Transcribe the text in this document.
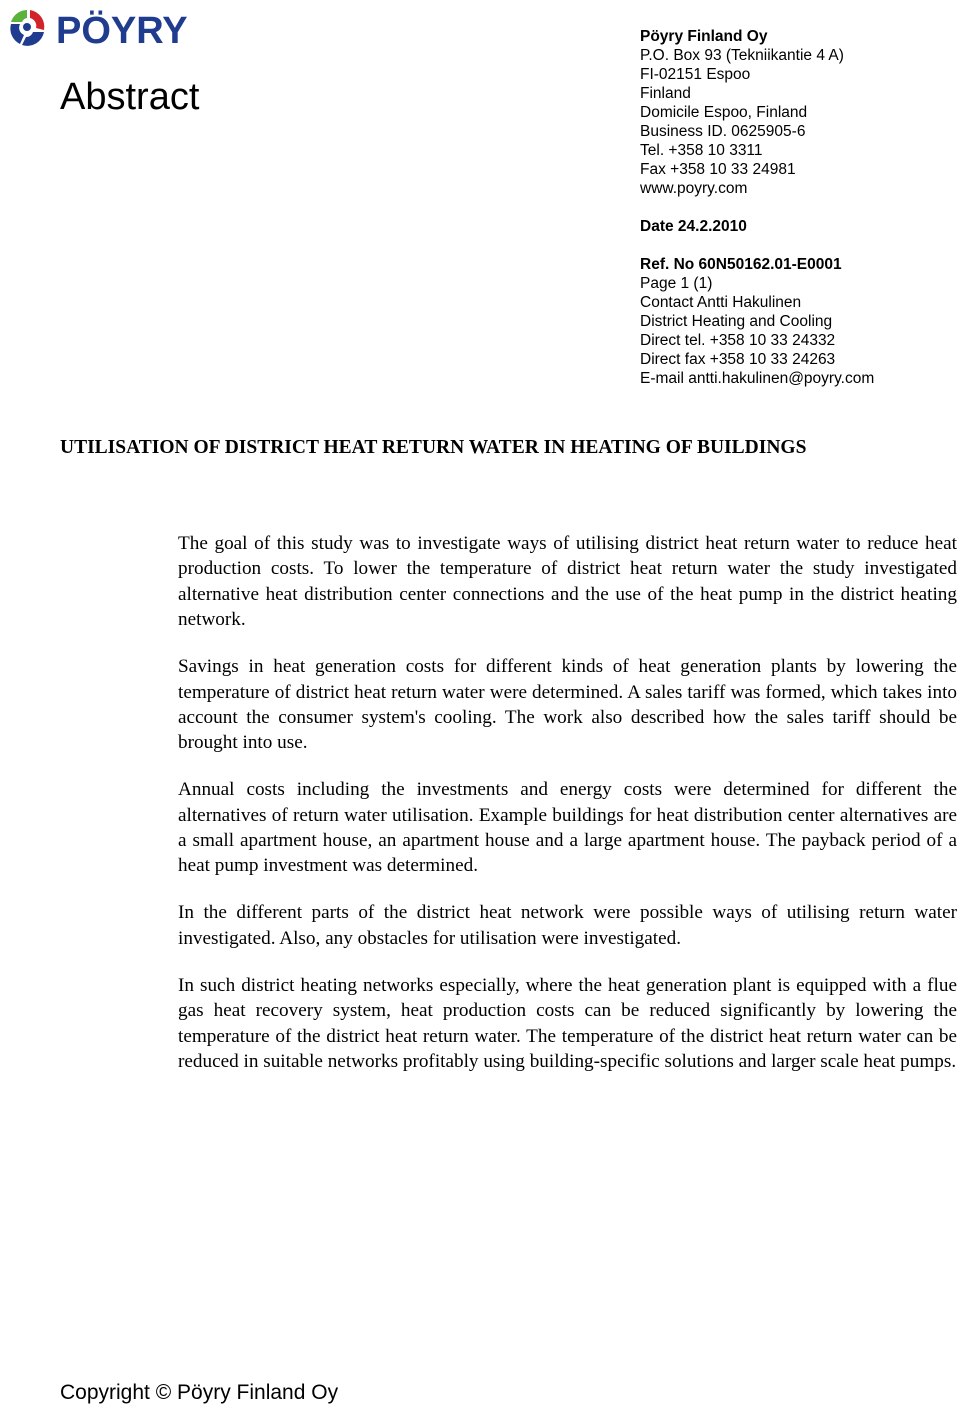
PÖYRY
Abstract
Pöyry Finland Oy
P.O. Box 93 (Tekniikantie 4 A)
FI-02151 Espoo
Finland
Domicile Espoo, Finland
Business ID. 0625905-6
Tel. +358 10 3311
Fax +358 10 33 24981
www.poyry.com
Date 24.2.2010
Ref. No 60N50162.01-E0001
Page 1 (1)
Contact Antti Hakulinen
District Heating and Cooling
Direct tel. +358 10 33 24332
Direct fax +358 10 33 24263
E-mail antti.hakulinen@poyry.com
UTILISATION OF DISTRICT HEAT RETURN WATER IN HEATING OF BUILDINGS

The goal of this study was to investigate ways of utilising district heat return water to reduce heat production costs. To lower the temperature of district heat return water the study investigated alternative heat distribution center connections and the use of the heat pump in the district heating network.

Savings in heat generation costs for different kinds of heat generation plants by lowering the temperature of district heat return water were determined. A sales tariff was formed, which takes into account the consumer system's cooling. The work also described how the sales tariff should be brought into use.

Annual costs including the investments and energy costs were determined for different the alternatives of return water utilisation. Example buildings for heat distribution center alternatives are a small apartment house, an apartment house and a large apartment house. The payback period of a heat pump investment was determined.

In the different parts of the district heat network were possible ways of utilising return water investigated. Also, any obstacles for utilisation were investigated.

In such district heating networks especially, where the heat generation plant is equipped with a flue gas heat recovery system, heat production costs can be reduced significantly by lowering the temperature of the district heat return water. The temperature of the district heat return water can be reduced in suitable networks profitably using building-specific solutions and larger scale heat pumps.

Copyright © Pöyry Finland Oy
